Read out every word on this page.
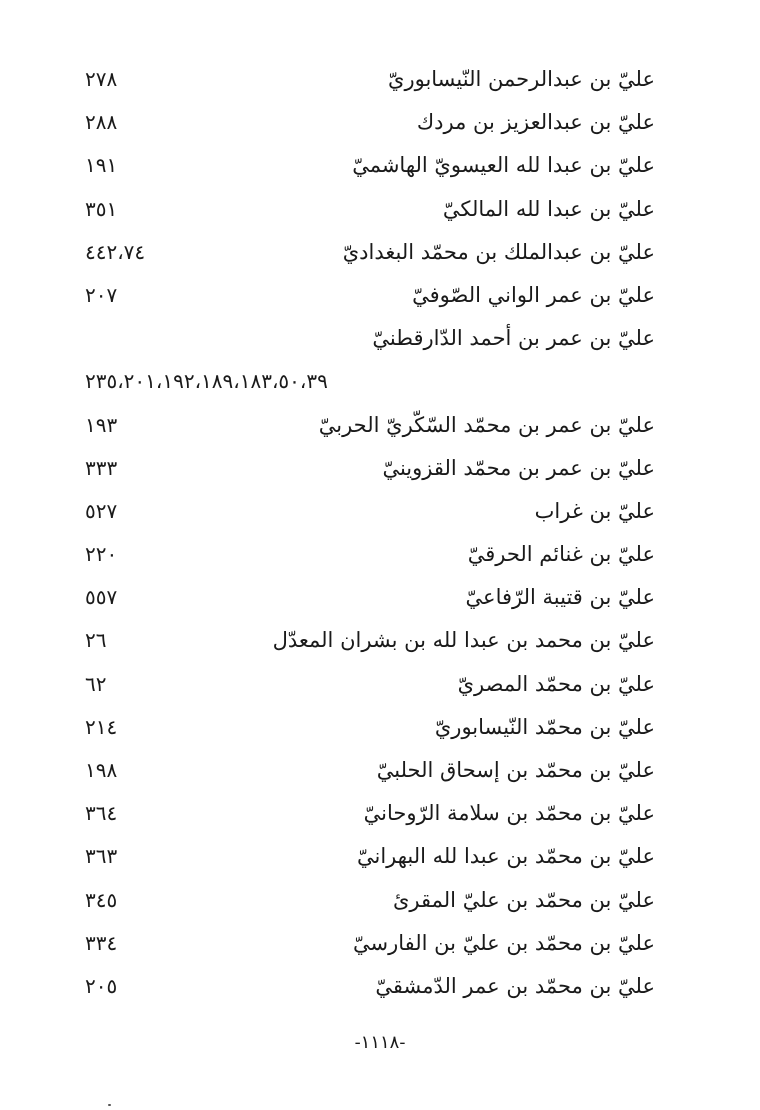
عليّ بن عبدالرحمن النّيسابوريّ
٢٧٨
عليّ بن عبدالعزيز بن مردك
٢٨٨
عليّ بن عبدا لله العيسويّ الهاشميّ
١٩١
عليّ بن عبدا لله المالكيّ
٣٥١
عليّ بن عبدالملك بن محمّد البغداديّ
٤٤٢،٧٤
عليّ بن عمر الواني الصّوفيّ
٢٠٧
عليّ بن عمر بن أحمد الدّارقطنيّ
٢٣٥،٢٠١،١٩٢،١٨٩،١٨٣،٥٠،٣٩
عليّ بن عمر بن محمّد السّكّريّ الحربيّ
١٩٣
عليّ بن عمر بن محمّد القزوينيّ
٣٣٣
عليّ بن غراب
٥٢٧
عليّ بن غنائم الحرقيّ
٢٢٠
عليّ بن قتيبة الرّفاعيّ
٥٥٧
عليّ بن محمد بن عبدا لله بن بشران المعدّل
٢٦
عليّ بن محمّد المصريّ
٦٢
عليّ بن محمّد النّيسابوريّ
٢١٤
عليّ بن محمّد بن إسحاق الحلبيّ
١٩٨
عليّ بن محمّد بن سلامة الرّوحانيّ
٣٦٤
عليّ بن محمّد بن عبدا لله البهرانيّ
٣٦٣
عليّ بن محمّد بن عليّ المقرئ
٣٤٥
عليّ بن محمّد بن عليّ بن الفارسيّ
٣٣٤
عليّ بن محمّد بن عمر الدّمشقيّ
٢٠٥
-١١١٨-
